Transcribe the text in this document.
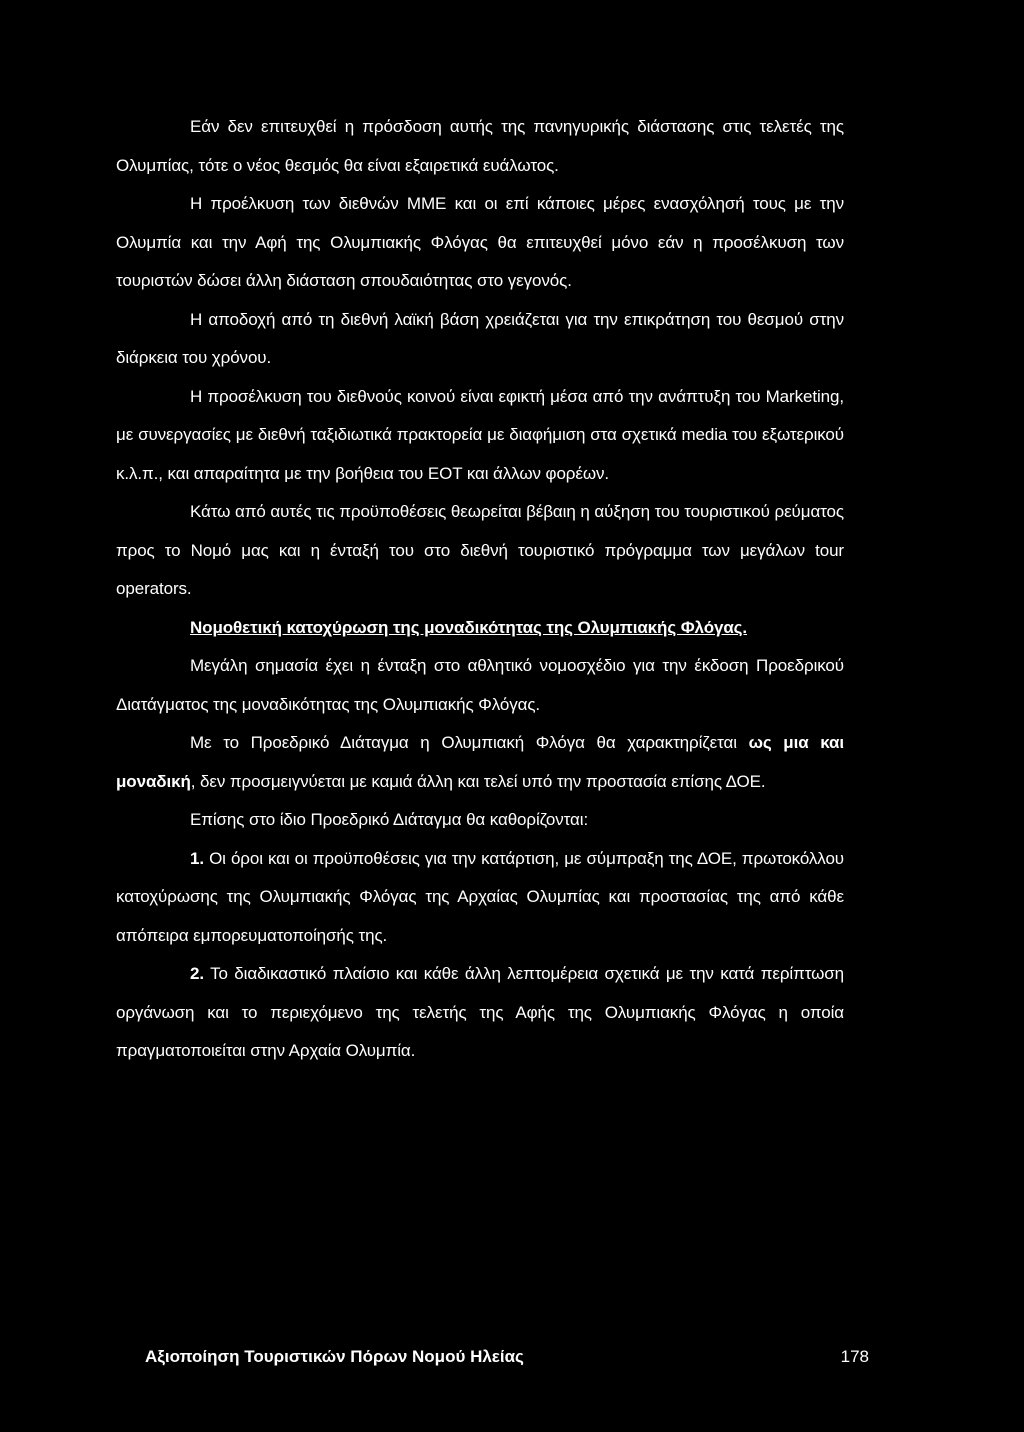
Εάν δεν επιτευχθεί η πρόσδοση αυτής της πανηγυρικής διάστασης στις τελετές της Ολυμπίας, τότε ο νέος θεσμός θα είναι εξαιρετικά ευάλωτος.

Η προέλκυση των διεθνών ΜΜΕ και οι επί κάποιες μέρες ενασχόλησή τους με την Ολυμπία και την Αφή της Ολυμπιακής Φλόγας θα επιτευχθεί μόνο εάν η προσέλκυση των τουριστών δώσει άλλη διάσταση σπουδαιότητας στο γεγονός.

Η αποδοχή από τη διεθνή λαϊκή βάση χρειάζεται για την επικράτηση του θεσμού στην διάρκεια του χρόνου.

Η προσέλκυση του διεθνούς κοινού είναι εφικτή μέσα από την ανάπτυξη του Marketing, με συνεργασίες με διεθνή ταξιδιωτικά πρακτορεία με διαφήμιση στα σχετικά media του εξωτερικού κ.λ.π., και απαραίτητα με την βοήθεια του ΕΟΤ και άλλων φορέων.

Κάτω από αυτές τις προϋποθέσεις θεωρείται βέβαιη η αύξηση του τουριστικού ρεύματος προς το Νομό μας και η ένταξή του στο διεθνή τουριστικό πρόγραμμα των μεγάλων tour operators.

Νομοθετική κατοχύρωση της μοναδικότητας της Ολυμπιακής Φλόγας.

Μεγάλη σημασία έχει η ένταξη στο αθλητικό νομοσχέδιο για την έκδοση Προεδρικού Διατάγματος της μοναδικότητας της Ολυμπιακής Φλόγας.

Με το Προεδρικό Διάταγμα η Ολυμπιακή Φλόγα θα χαρακτηρίζεται ως μια και μοναδική, δεν προσμειγνύεται με καμιά άλλη και τελεί υπό την προστασία επίσης ΔΟΕ.

Επίσης στο ίδιο Προεδρικό Διάταγμα θα καθορίζονται:

1. Οι όροι και οι προϋποθέσεις για την κατάρτιση, με σύμπραξη της ΔΟΕ, πρωτοκόλλου κατοχύρωσης της Ολυμπιακής Φλόγας της Αρχαίας Ολυμπίας και προστασίας της από κάθε απόπειρα εμπορευματοποίησής της.

2. Το διαδικαστικό πλαίσιο και κάθε άλλη λεπτομέρεια σχετικά με την κατά περίπτωση οργάνωση και το περιεχόμενο της τελετής της Αφής της Ολυμπιακής Φλόγας η οποία πραγματοποιείται στην Αρχαία Ολυμπία.

Αξιοποίηση Τουριστικών Πόρων Νομού Ηλείας	178
